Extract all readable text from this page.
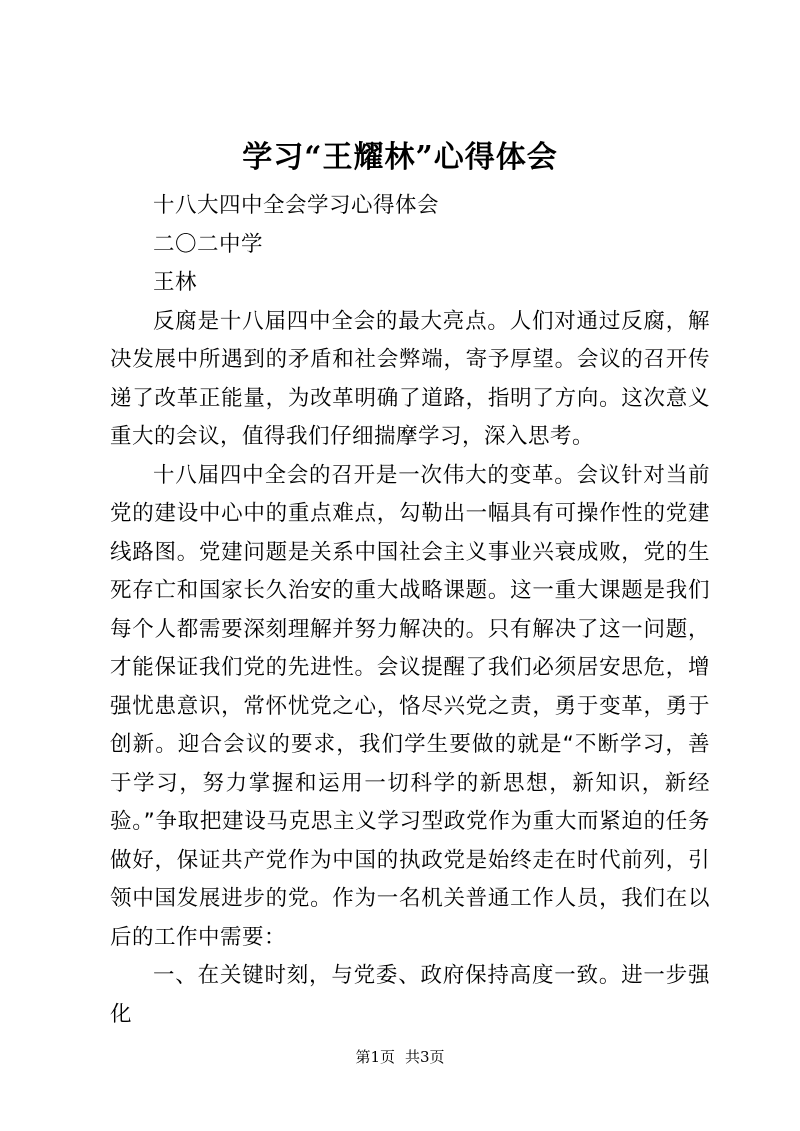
学习“王耀林”心得体会

十八大四中全会学习心得体会

二〇二中学

王林

反腐是十八届四中全会的最大亮点。人们对通过反腐，解决发展中所遇到的矛盾和社会弊端，寄予厚望。会议的召开传递了改革正能量，为改革明确了道路，指明了方向。这次意义重大的会议，值得我们仔细揣摩学习，深入思考。

十八届四中全会的召开是一次伟大的变革。会议针对当前党的建设中心中的重点难点，勾勒出一幅具有可操作性的党建线路图。党建问题是关系中国社会主义事业兴衰成败，党的生死存亡和国家长久治安的重大战略课题。这一重大课题是我们每个人都需要深刻理解并努力解决的。只有解决了这一问题，才能保证我们党的先进性。会议提醒了我们必须居安思危，增强忧患意识，常怀忧党之心，恪尽兴党之责，勇于变革，勇于创新。迎合会议的要求，我们学生要做的就是“不断学习，善于学习，努力掌握和运用一切科学的新思想，新知识，新经验。”争取把建设马克思主义学习型政党作为重大而紧迫的任务做好，保证共产党作为中国的执政党是始终走在时代前列，引领中国发展进步的党。作为一名机关普通工作人员，我们在以后的工作中需要：

一、在关键时刻，与党委、政府保持高度一致。进一步强化

第1页 共3页
